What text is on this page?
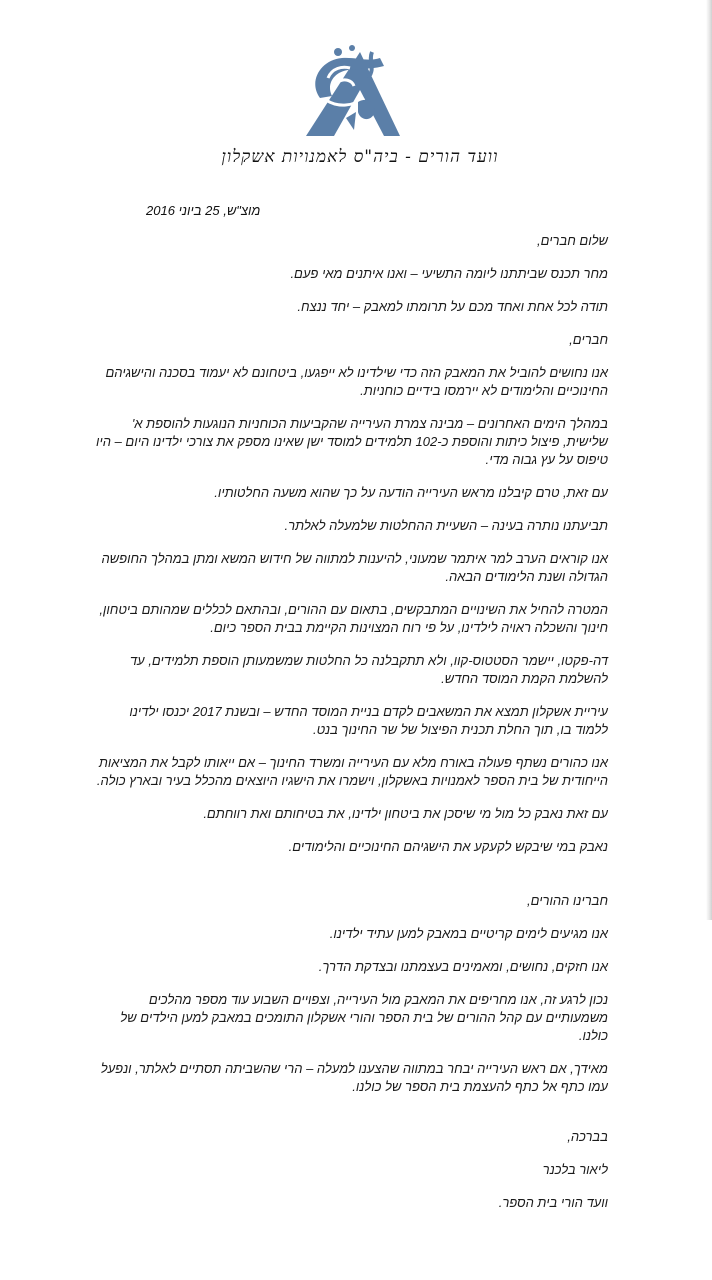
וועד הורים - ביה"ס לאמנויות אשקלון
מוצ"ש, 25 ביוני 2016

שלום חברים,

מחר תכנס שביתתנו ליומה התשיעי – ואנו איתנים מאי פעם.

תודה לכל אחת ואחד מכם על תרומתו למאבק – יחד ננצח.

חברים,

אנו נחושים להוביל את המאבק הזה כדי שילדינו לא ייפגעו, ביטחונם לא יעמוד בסכנה והישגיהם החינוכיים והלימודים לא יירמסו בידיים כוחניות.

במהלך הימים האחרונים – מבינה צמרת העירייה שהקביעות הכוחניות הנוגעות להוספת א' שלישית, פיצול כיתות והוספת כ-102 תלמידים למוסד ישן שאינו מספק את צורכי ילדינו היום – היו טיפוס על עץ גבוה מדי.

עם זאת, טרם קיבלנו מראש העירייה הודעה על כך שהוא משעה החלטותיו.

תביעתנו נותרה בעינה – השעיית ההחלטות שלמעלה לאלתר.

אנו קוראים הערב למר איתמר שמעוני, להיענות למתווה של חידוש המשא ומתן במהלך החופשה הגדולה ושנת הלימודים הבאה.

המטרה להחיל את השינויים המתבקשים, בתאום עם ההורים, ובהתאם לכללים שמהותם ביטחון, חינוך והשכלה ראויה לילדינו, על פי רוח המצוינות הקיימת בבית הספר כיום.

דה-פקטו, יישמר הסטטוס-קוו, ולא תתקבלנה כל החלטות שמשמעותן הוספת תלמידים, עד להשלמת הקמת המוסד החדש.

עיריית אשקלון תמצא את המשאבים לקדם בניית המוסד החדש – ובשנת 2017 יכנסו ילדינו ללמוד בו, תוך החלת תכנית הפיצול של שר החינוך בנט.

אנו כהורים נשתף פעולה באורח מלא עם העירייה ומשרד החינוך – אם ייאותו לקבל את המציאות הייחודית של בית הספר לאמנויות באשקלון, וישמרו את הישגיו היוצאים מהכלל בעיר ובארץ כולה.

עם זאת נאבק כל מול מי שיסכן את ביטחון ילדינו, את בטיחותם ואת רווחתם.

נאבק במי שיבקש לקעקע את הישגיהם החינוכיים והלימודים.

חברינו ההורים,

אנו מגיעים לימים קריטיים במאבק למען עתיד ילדינו.

אנו חזקים, נחושים, ומאמינים בעצמתנו ובצדקת הדרך.

נכון לרגע זה, אנו מחריפים את המאבק מול העירייה, וצפויים השבוע עוד מספר מהלכים משמעותיים עם קהל ההורים של בית הספר והורי אשקלון התומכים במאבק למען הילדים של כולנו.

מאידך, אם ראש העירייה יבחר במתווה שהצענו למעלה – הרי שהשביתה תסתיים לאלתר, ונפעל עמו כתף אל כתף להעצמת בית הספר של כולנו.

בברכה,

ליאור בלכנר

וועד הורי בית הספר.
